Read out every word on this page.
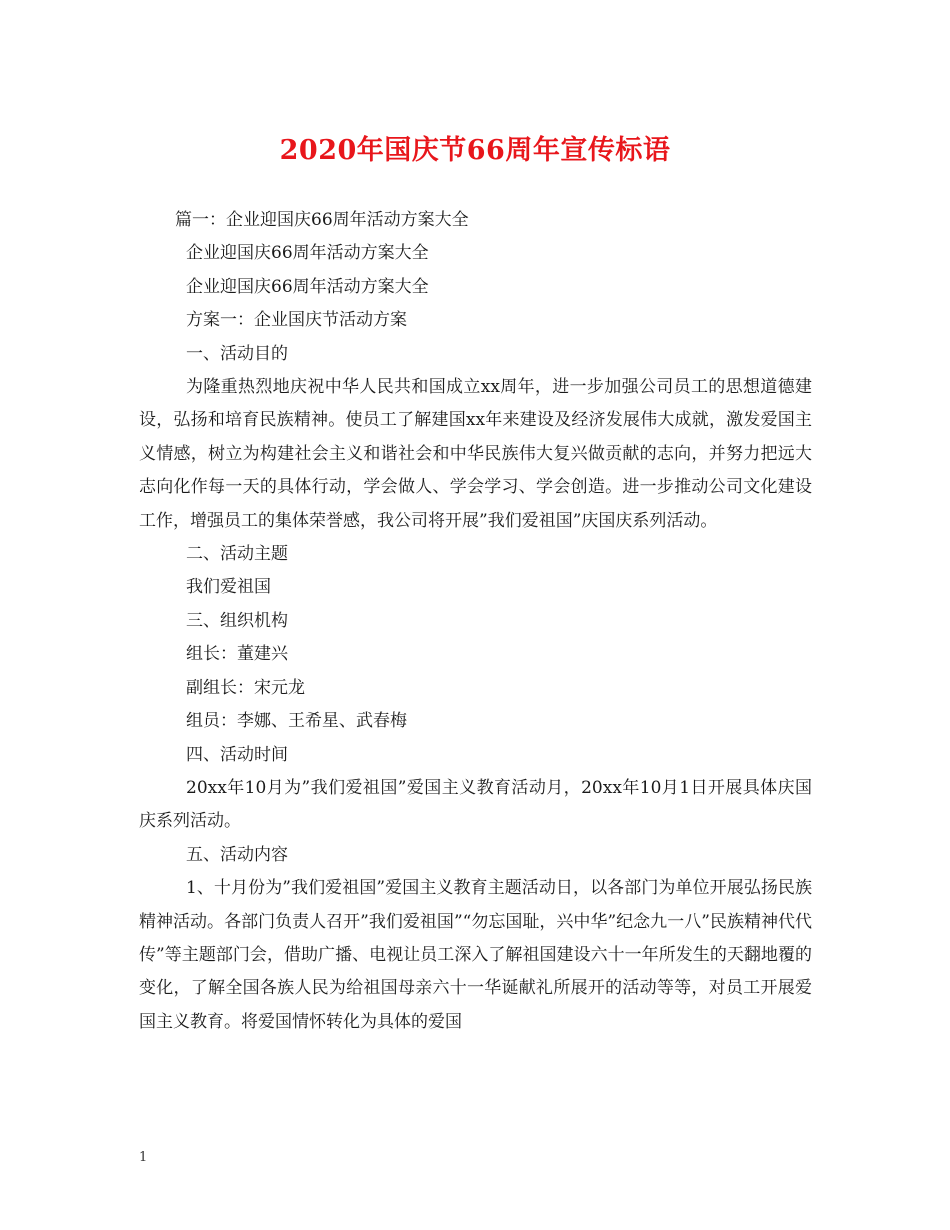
2020年国庆节66周年宣传标语

篇一：企业迎国庆66周年活动方案大全

企业迎国庆66周年活动方案大全

企业迎国庆66周年活动方案大全

方案一：企业国庆节活动方案

一、活动目的

为隆重热烈地庆祝中华人民共和国成立xx周年，进一步加强公司员工的思想道德建设，弘扬和培育民族精神。使员工了解建国xx年来建设及经济发展伟大成就，激发爱国主义情感，树立为构建社会主义和谐社会和中华民族伟大复兴做贡献的志向，并努力把远大志向化作每一天的具体行动，学会做人、学会学习、学会创造。进一步推动公司文化建设工作，增强员工的集体荣誉感，我公司将开展”我们爱祖国”庆国庆系列活动。

二、活动主题

我们爱祖国

三、组织机构

组长：董建兴

副组长：宋元龙

组员：李娜、王希星、武春梅

四、活动时间

20xx年10月为”我们爱祖国”爱国主义教育活动月，20xx年10月1日开展具体庆国庆系列活动。

五、活动内容

1、十月份为”我们爱祖国”爱国主义教育主题活动日，以各部门为单位开展弘扬民族精神活动。各部门负责人召开”我们爱祖国”“勿忘国耻，兴中华”纪念九一八”民族精神代代传”等主题部门会，借助广播、电视让员工深入了解祖国建设六十一年所发生的天翻地覆的变化，了解全国各族人民为给祖国母亲六十一华诞献礼所展开的活动等等，对员工开展爱国主义教育。将爱国情怀转化为具体的爱国

1
